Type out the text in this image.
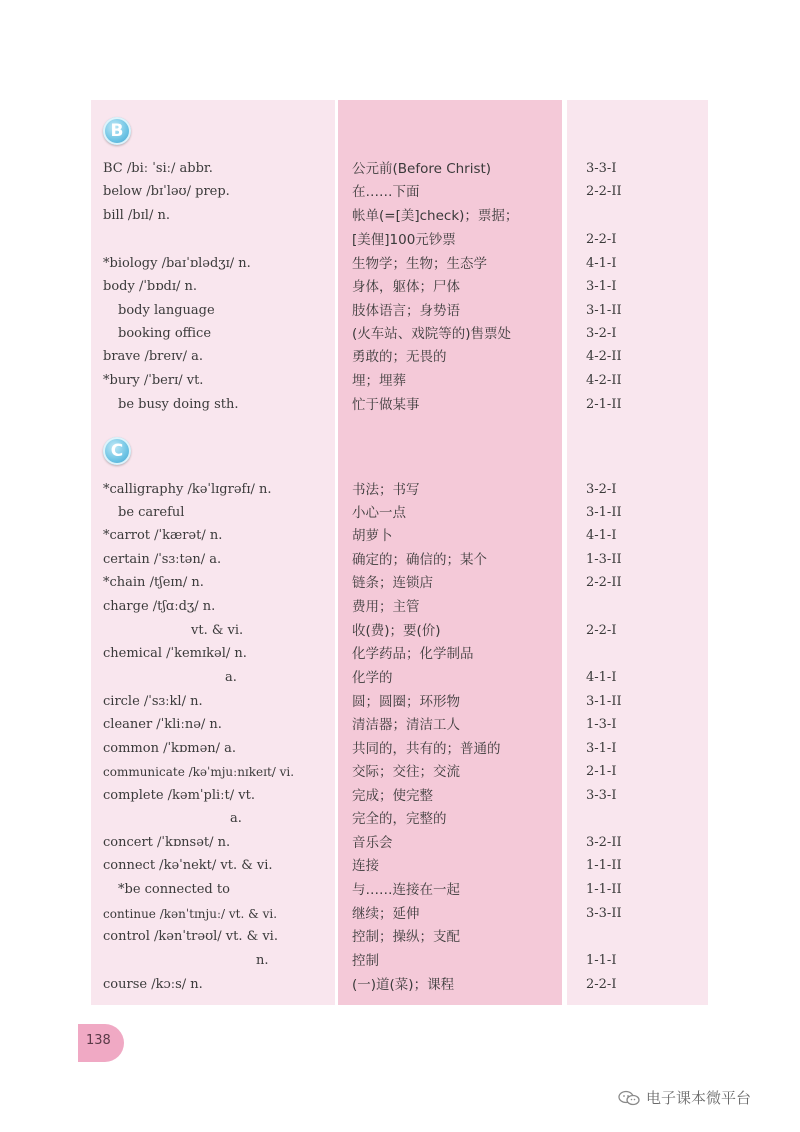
B
C
BC /biː ˈsiː/ abbr.	公元前(Before Christ)	3-3-I
below /bɪˈləʊ/ prep.	在……下面	2-2-II
bill /bɪl/ n.	帐单(=[美]check)；票据；
[美俚]100元钞票	2-2-I
*biology /baɪˈɒlədʒɪ/ n.	生物学；生物；生态学	4-1-I
body /ˈbɒdɪ/ n.	身体，躯体；尸体	3-1-I
body language	肢体语言；身势语	3-1-II
booking office	(火车站、戏院等的)售票处	3-2-I
brave /breɪv/ a.	勇敢的；无畏的	4-2-II
*bury /ˈberɪ/ vt.	埋；埋葬	4-2-II
be busy doing sth.	忙于做某事	2-1-II
*calligraphy /kəˈlɪgrəfɪ/ n.	书法；书写	3-2-I
be careful	小心一点	3-1-II
*carrot /ˈkærət/ n.	胡萝卜	4-1-I
certain /ˈsɜːtən/ a.	确定的；确信的；某个	1-3-II
*chain /tʃeɪn/ n.	链条；连锁店	2-2-II
charge /tʃɑːdʒ/ n.	费用；主管
vt. & vi.	收(费)；要(价)	2-2-I
chemical /ˈkemɪkəl/ n.	化学药品；化学制品
a.	化学的	4-1-I
circle /ˈsɜːkl/ n.	圆；圆圈；环形物	3-1-II
cleaner /ˈkliːnə/ n.	清洁器；清洁工人	1-3-I
common /ˈkɒmən/ a.	共同的，共有的；普通的	3-1-I
communicate /kəˈmjuːnɪkeɪt/ vi.	交际；交往；交流	2-1-I
complete /kəmˈpliːt/ vt.	完成；使完整	3-3-I
a.	完全的，完整的
concert /ˈkɒnsət/ n.	音乐会	3-2-II
connect /kəˈnekt/ vt. & vi.	连接	1-1-II
*be connected to	与……连接在一起	1-1-II
continue /kənˈtɪnjuː/ vt. & vi.	继续；延伸	3-3-II
control /kənˈtrəʊl/ vt. & vi.	控制；操纵；支配
n.	控制	1-1-I
course /kɔːs/ n.	(一)道(菜)；课程	2-2-I
138
电子课本微平台
